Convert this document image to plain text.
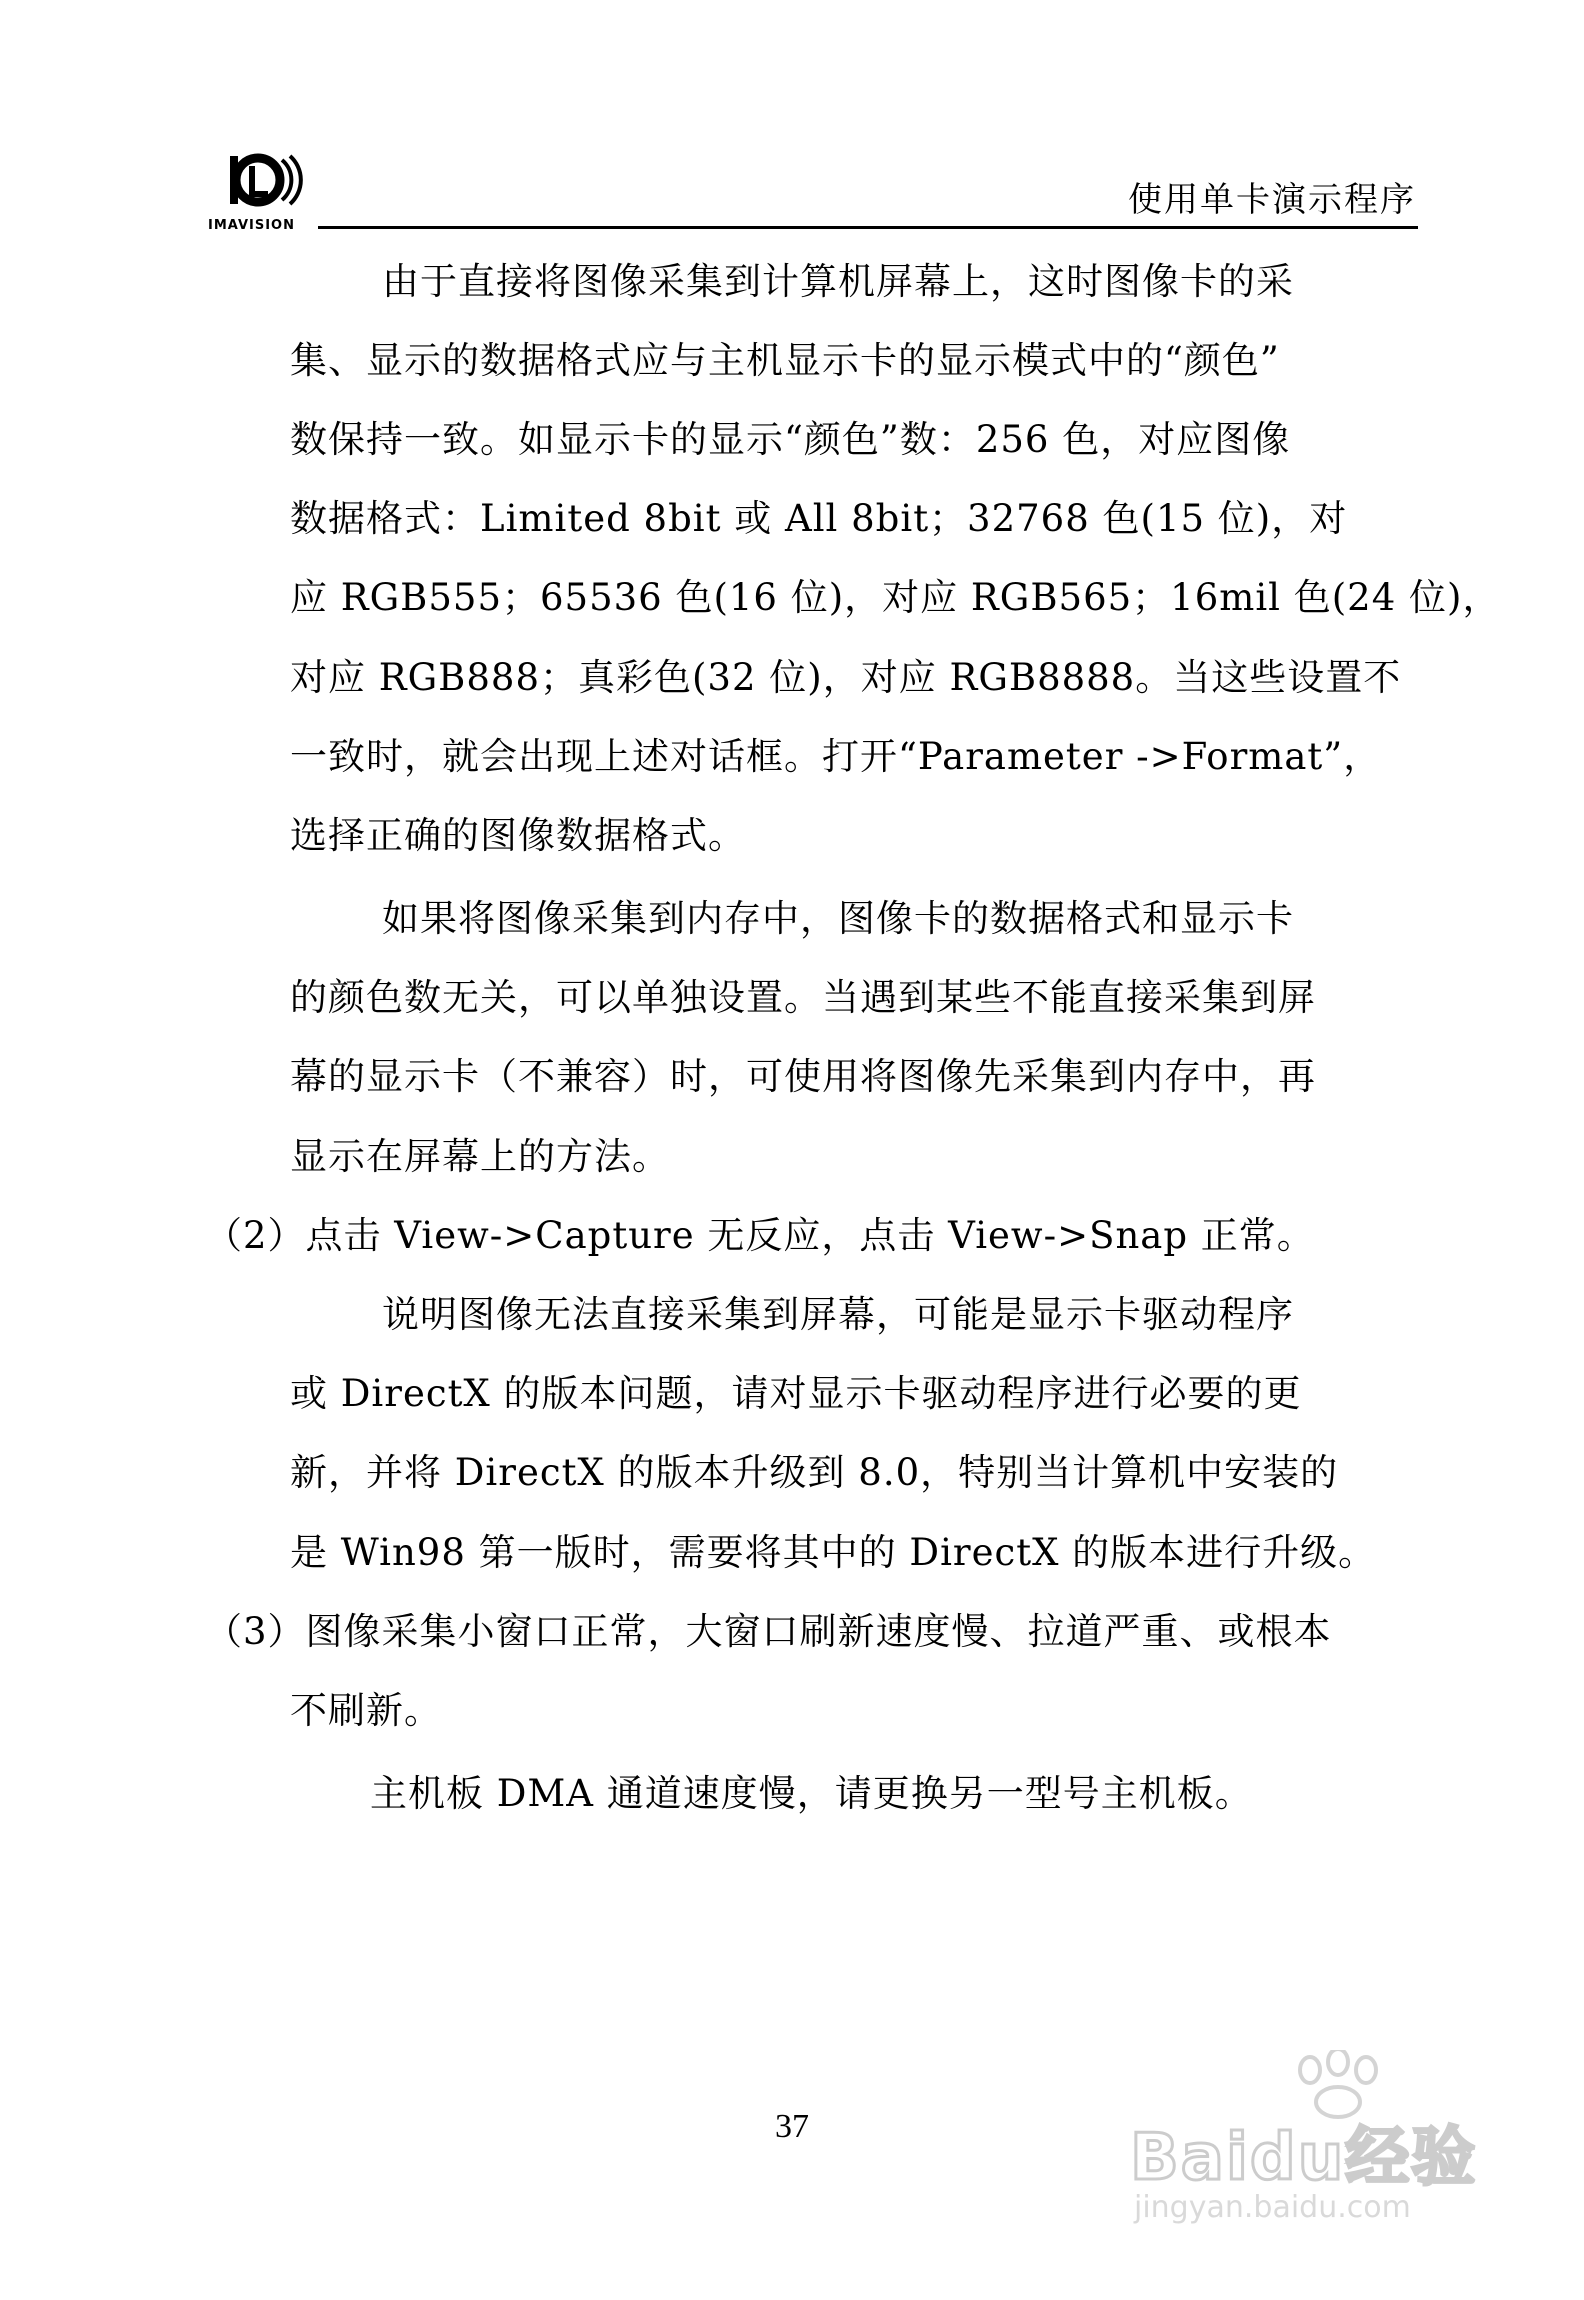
IMAVISION
使用单卡演示程序
由于直接将图像采集到计算机屏幕上，这时图像卡的采
集、显示的数据格式应与主机显示卡的显示模式中的“颜色”
数保持一致。如显示卡的显示“颜色”数：256 色，对应图像
数据格式：Limited 8bit 或 All 8bit；32768 色(15 位)，对
应 RGB555；65536 色(16 位)，对应 RGB565；16mil 色(24 位)，
对应 RGB888；真彩色(32 位)，对应 RGB8888。当这些设置不
一致时，就会出现上述对话框。打开“Parameter ->Format”，
选择正确的图像数据格式。
如果将图像采集到内存中，图像卡的数据格式和显示卡
的颜色数无关，可以单独设置。当遇到某些不能直接采集到屏
幕的显示卡（不兼容）时，可使用将图像先采集到内存中，再
显示在屏幕上的方法。
（2）点击 View->Capture 无反应，点击 View->Snap 正常。
说明图像无法直接采集到屏幕，可能是显示卡驱动程序
或 DirectX 的版本问题，请对显示卡驱动程序进行必要的更
新，并将 DirectX 的版本升级到 8.0，特别当计算机中安装的
是 Win98 第一版时，需要将其中的 DirectX 的版本进行升级。
（3）图像采集小窗口正常，大窗口刷新速度慢、拉道严重、或根本
不刷新。
主机板 DMA 通道速度慢，请更换另一型号主机板。
37	Baidu经验
jingyan.baidu.com
